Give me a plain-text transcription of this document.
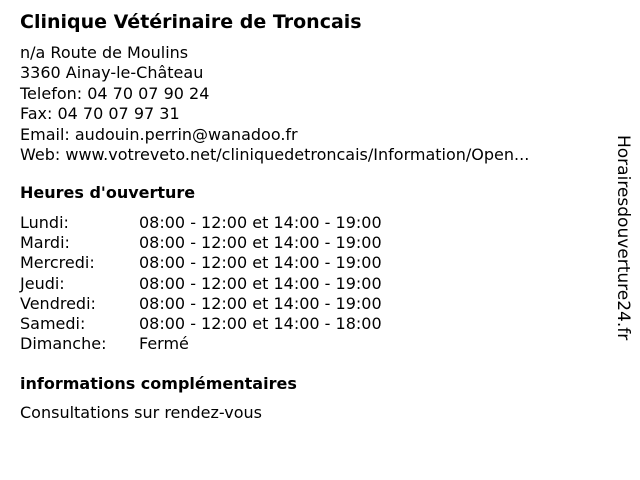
Clinique Vétérinaire de Troncais
n/a Route de Moulins
3360 Ainay-le-Château
Telefon: 04 70 07 90 24
Fax: 04 70 07 97 31
Email: audouin.perrin@wanadoo.fr
Web: www.votreveto.net/cliniquedetroncais/Information/Open...
Heures d'ouverture
Lundi:	08:00 - 12:00 et 14:00 - 19:00
Mardi:	08:00 - 12:00 et 14:00 - 19:00
Mercredi:	08:00 - 12:00 et 14:00 - 19:00
Jeudi:	08:00 - 12:00 et 14:00 - 19:00
Vendredi:	08:00 - 12:00 et 14:00 - 19:00
Samedi:	08:00 - 12:00 et 14:00 - 18:00
Dimanche: Fermé
informations complémentaires
Consultations sur rendez-vous
Horairesdouverture24.fr
